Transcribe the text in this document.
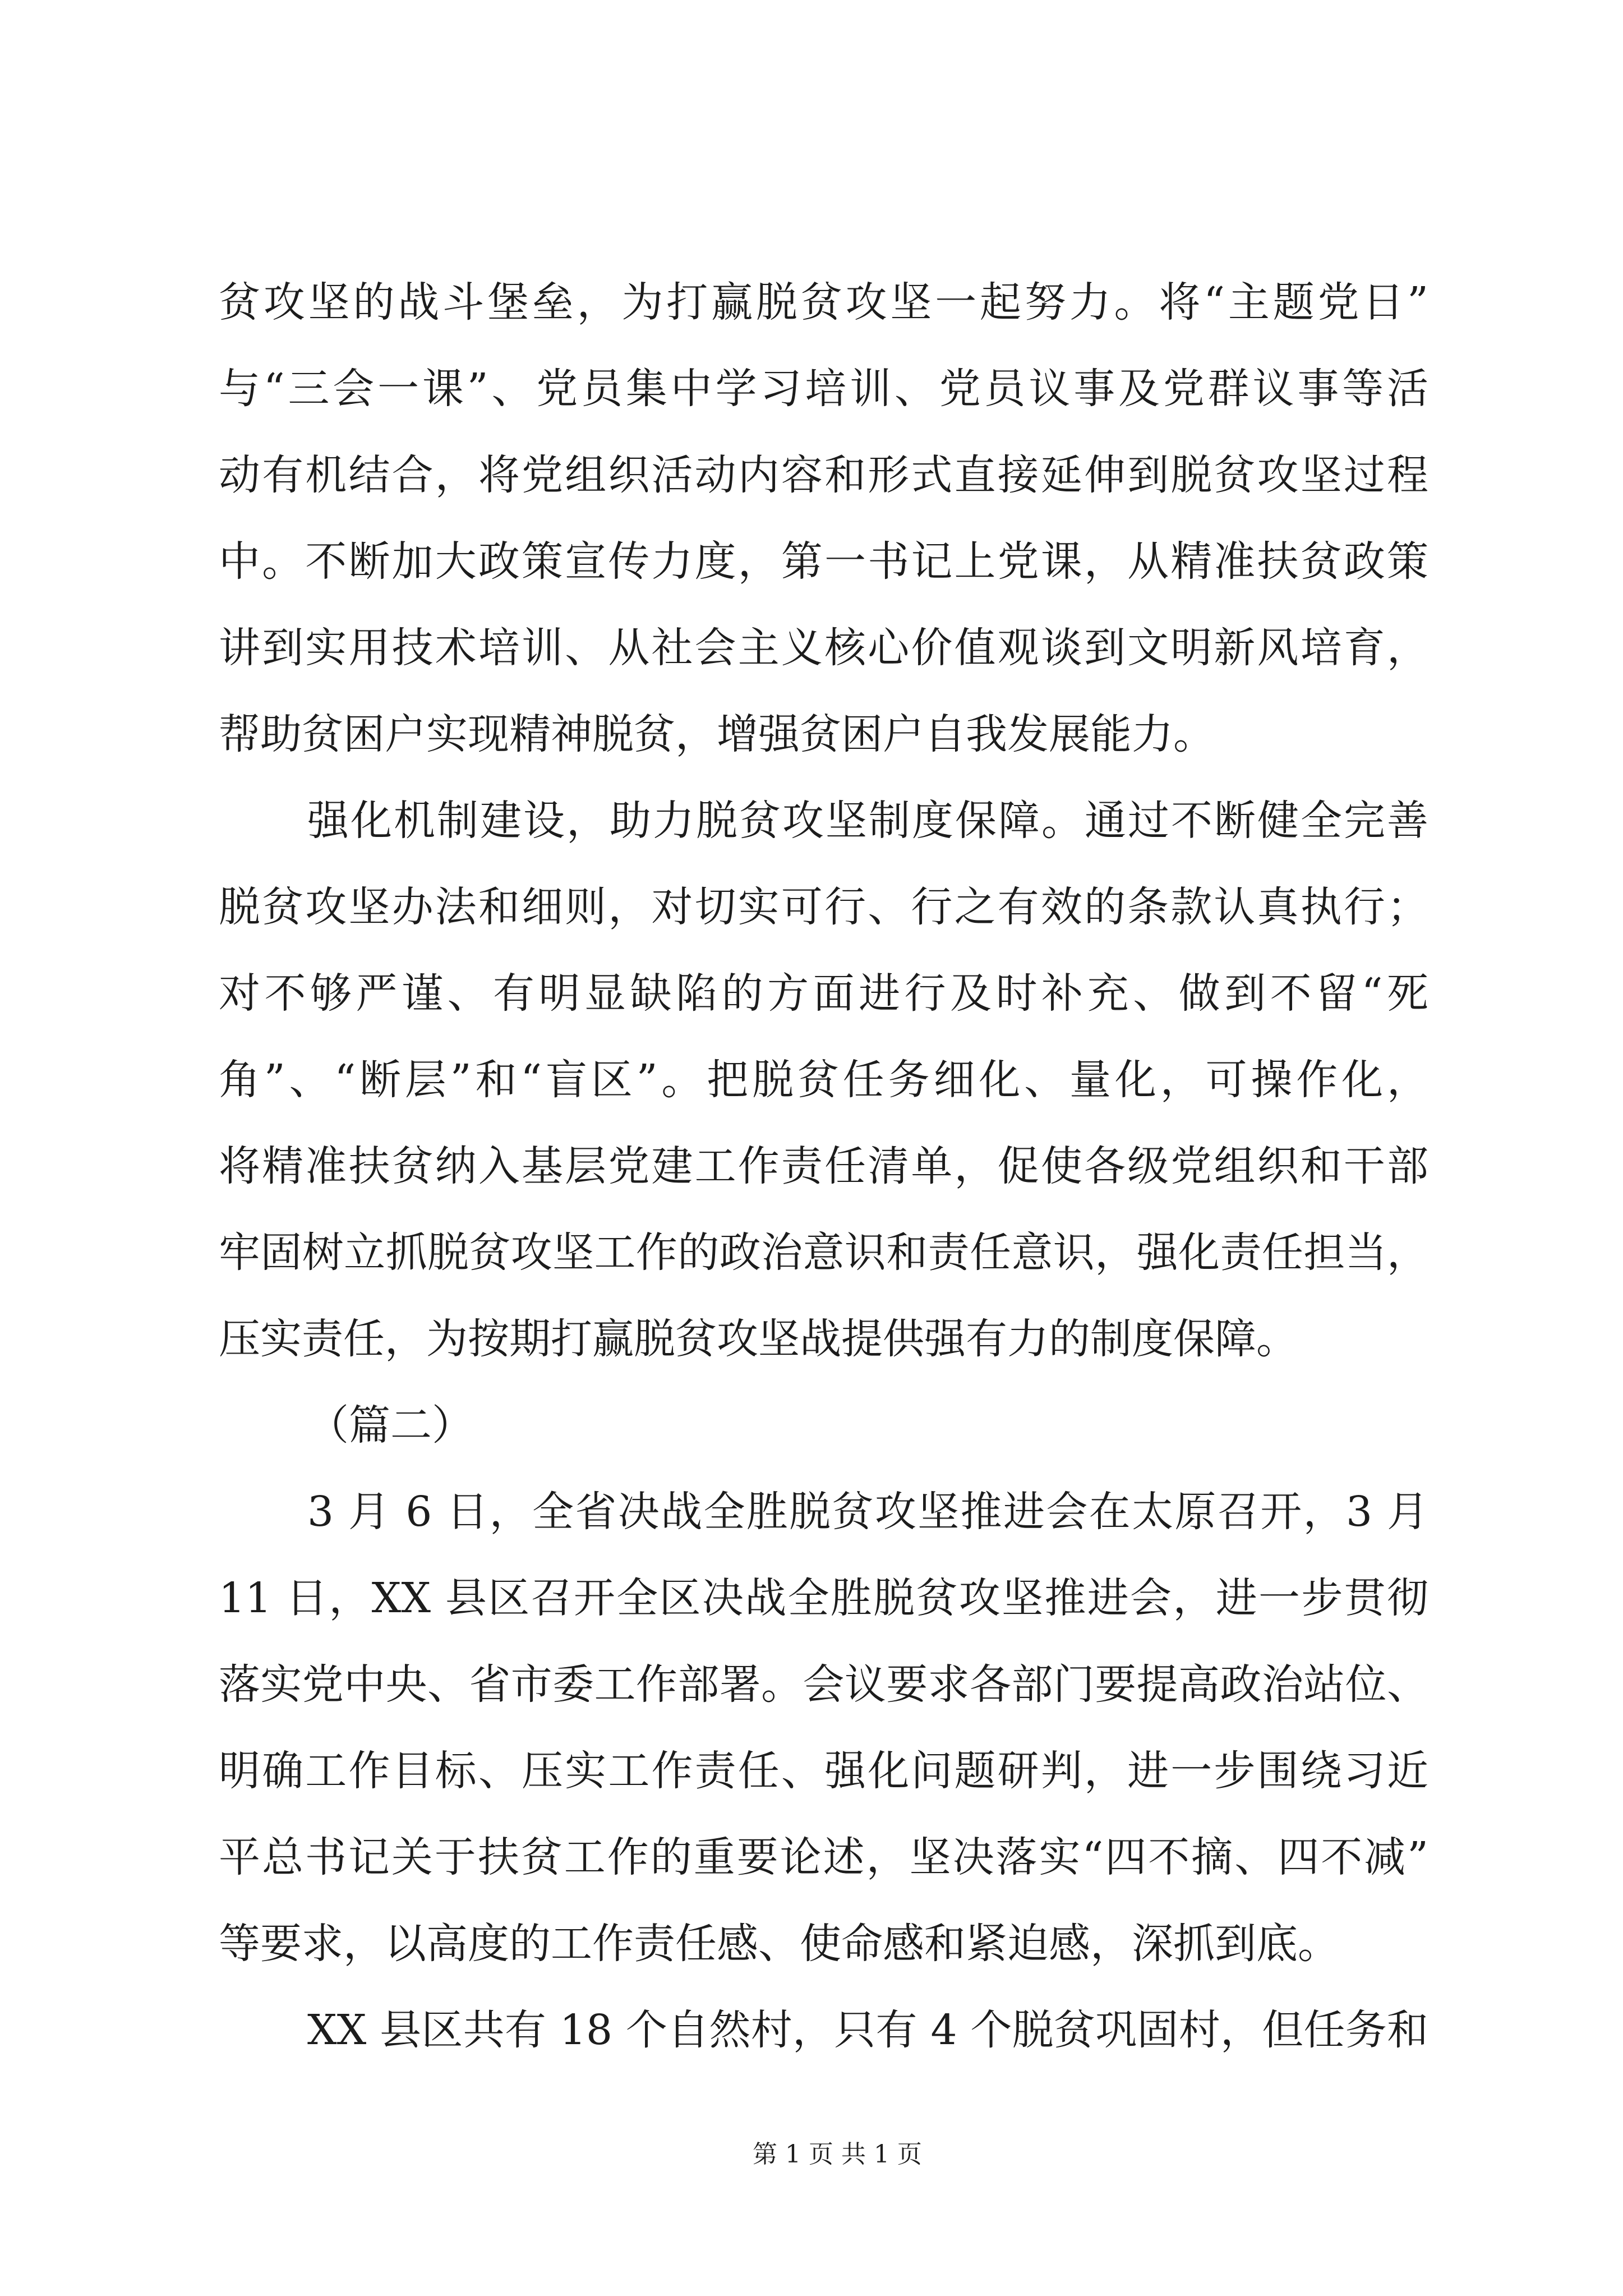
贫攻坚的战斗堡垒，为打赢脱贫攻坚一起努力。将“主题党日”
与“三会一课”、党员集中学习培训、党员议事及党群议事等活
动有机结合，将党组织活动内容和形式直接延伸到脱贫攻坚过程
中。不断加大政策宣传力度，第一书记上党课，从精准扶贫政策
讲到实用技术培训、从社会主义核心价值观谈到文明新风培育，
帮助贫困户实现精神脱贫，增强贫困户自我发展能力。
强化机制建设，助力脱贫攻坚制度保障。通过不断健全完善
脱贫攻坚办法和细则，对切实可行、行之有效的条款认真执行；
对不够严谨、有明显缺陷的方面进行及时补充、做到不留“死
角”、“断层”和“盲区”。把脱贫任务细化、量化，可操作化，
将精准扶贫纳入基层党建工作责任清单，促使各级党组织和干部
牢固树立抓脱贫攻坚工作的政治意识和责任意识，强化责任担当，
压实责任，为按期打赢脱贫攻坚战提供强有力的制度保障。
（篇二）
3 月 6 日，全省决战全胜脱贫攻坚推进会在太原召开，3 月
11 日，XX 县区召开全区决战全胜脱贫攻坚推进会，进一步贯彻
落实党中央、省市委工作部署。会议要求各部门要提高政治站位、
明确工作目标、压实工作责任、强化问题研判，进一步围绕习近
平总书记关于扶贫工作的重要论述，坚决落实“四不摘、四不减”
等要求，以高度的工作责任感、使命感和紧迫感，深抓到底。
XX 县区共有 18 个自然村，只有 4 个脱贫巩固村，但任务和
第 1 页 共 1 页
